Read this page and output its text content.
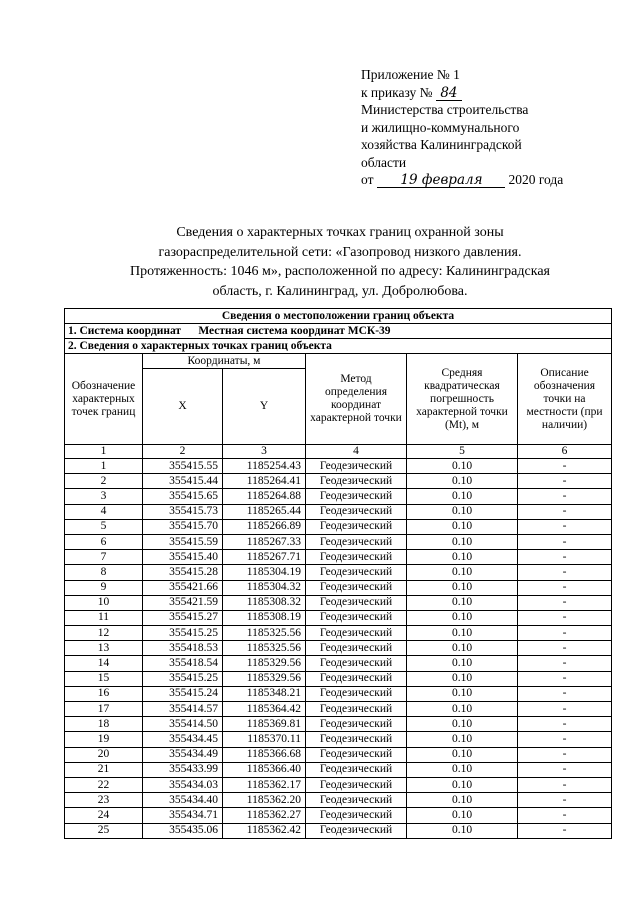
Приложение № 1
к приказу № 84
Министерства строительства
и жилищно-коммунального
хозяйства Калининградской
области
от 19 февраля 2020 года
Сведения о характерных точках границ охранной зоны
газораспределительной сети: «Газопровод низкого давления.
Протяженность: 1046 м», расположенной по адресу: Калининградская
область, г. Калининград, ул. Добролюбова.
Сведения о местоположении границ объекта					
1. Система координат Местная система координат МСК-39					
2. Сведения о характерных точках границ объекта					
Обозначение характерных точек границ	Координаты, м		Метод определения координат характерной точки	Средняя квадратическая погрешность характерной точки (Mt), м	Описание обозначения точки на местности (при наличии)
	X	Y			
1	2	3	4	5	6
1	355415.55	1185254.43	Геодезический	0.10	-
2	355415.44	1185264.41	Геодезический	0.10	-
3	355415.65	1185264.88	Геодезический	0.10	-
4	355415.73	1185265.44	Геодезический	0.10	-
5	355415.70	1185266.89	Геодезический	0.10	-
6	355415.59	1185267.33	Геодезический	0.10	-
7	355415.40	1185267.71	Геодезический	0.10	-
8	355415.28	1185304.19	Геодезический	0.10	-
9	355421.66	1185304.32	Геодезический	0.10	-
10	355421.59	1185308.32	Геодезический	0.10	-
11	355415.27	1185308.19	Геодезический	0.10	-
12	355415.25	1185325.56	Геодезический	0.10	-
13	355418.53	1185325.56	Геодезический	0.10	-
14	355418.54	1185329.56	Геодезический	0.10	-
15	355415.25	1185329.56	Геодезический	0.10	-
16	355415.24	1185348.21	Геодезический	0.10	-
17	355414.57	1185364.42	Геодезический	0.10	-
18	355414.50	1185369.81	Геодезический	0.10	-
19	355434.45	1185370.11	Геодезический	0.10	-
20	355434.49	1185366.68	Геодезический	0.10	-
21	355433.99	1185366.40	Геодезический	0.10	-
22	355434.03	1185362.17	Геодезический	0.10	-
23	355434.40	1185362.20	Геодезический	0.10	-
24	355434.71	1185362.27	Геодезический	0.10	-
25	355435.06	1185362.42	Геодезический	0.10	-
